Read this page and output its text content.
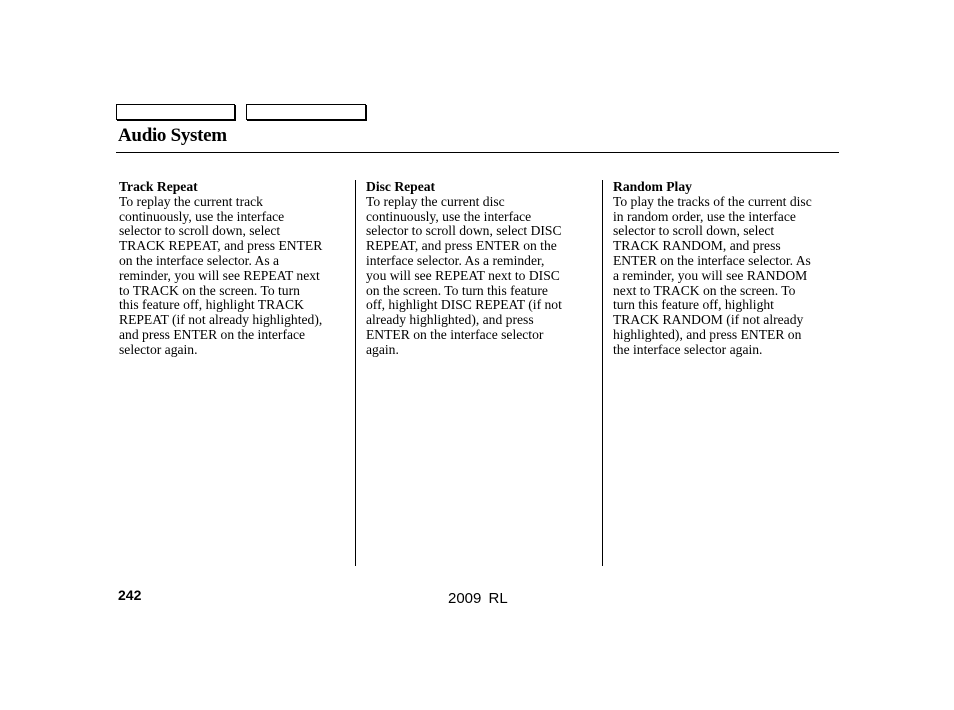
Audio System

Track Repeat

To replay the current track
continuously, use the interface
selector to scroll down, select
TRACK REPEAT, and press ENTER
on the interface selector. As a
reminder, you will see REPEAT next
to TRACK on the screen. To turn
this feature off, highlight TRACK
REPEAT (if not already highlighted),
and press ENTER on the interface
selector again.

Disc Repeat

To replay the current disc
continuously, use the interface
selector to scroll down, select DISC
REPEAT, and press ENTER on the
interface selector. As a reminder,
you will see REPEAT next to DISC
on the screen. To turn this feature
off, highlight DISC REPEAT (if not
already highlighted), and press
ENTER on the interface selector
again.

Random Play

To play the tracks of the current disc
in random order, use the interface
selector to scroll down, select
TRACK RANDOM, and press
ENTER on the interface selector. As
a reminder, you will see RANDOM
next to TRACK on the screen. To
turn this feature off, highlight
TRACK RANDOM (if not already
highlighted), and press ENTER on
the interface selector again.

242	2009 RL
